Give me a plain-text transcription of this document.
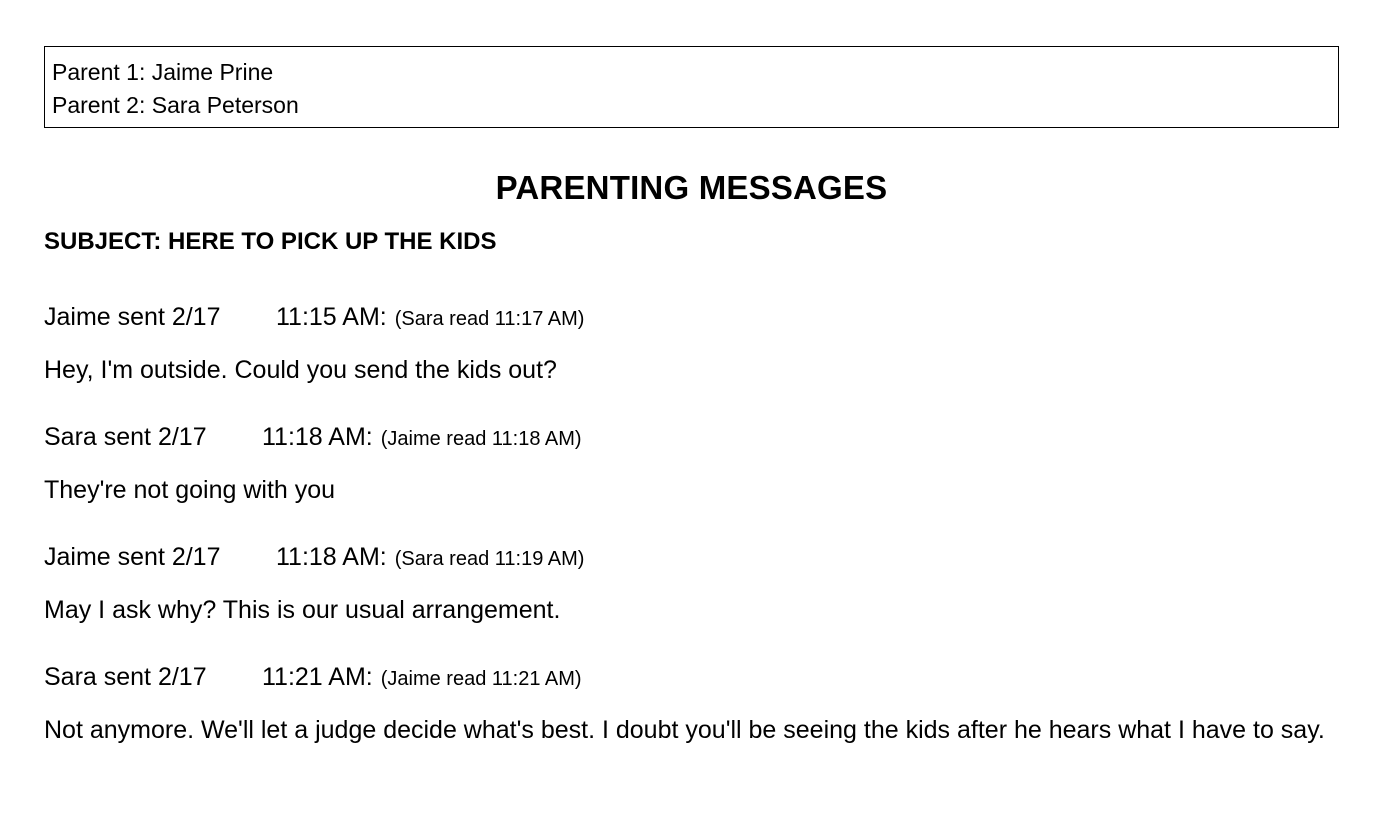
Parent 1: Jaime Prine
Parent 2: Sara Peterson
PARENTING MESSAGES
SUBJECT: HERE TO PICK UP THE KIDS
Jaime sent 2/17	11:15 AM: (Sara read 11:17 AM)
Hey, I'm outside. Could you send the kids out?
Sara sent 2/17	11:18 AM: (Jaime read 11:18 AM)
They're not going with you
Jaime sent 2/17	11:18 AM: (Sara read 11:19 AM)
May I ask why? This is our usual arrangement.
Sara sent 2/17	11:21 AM: (Jaime read 11:21 AM)
Not anymore. We'll let a judge decide what's best. I doubt you'll be seeing the kids after he hears what I have to say.
